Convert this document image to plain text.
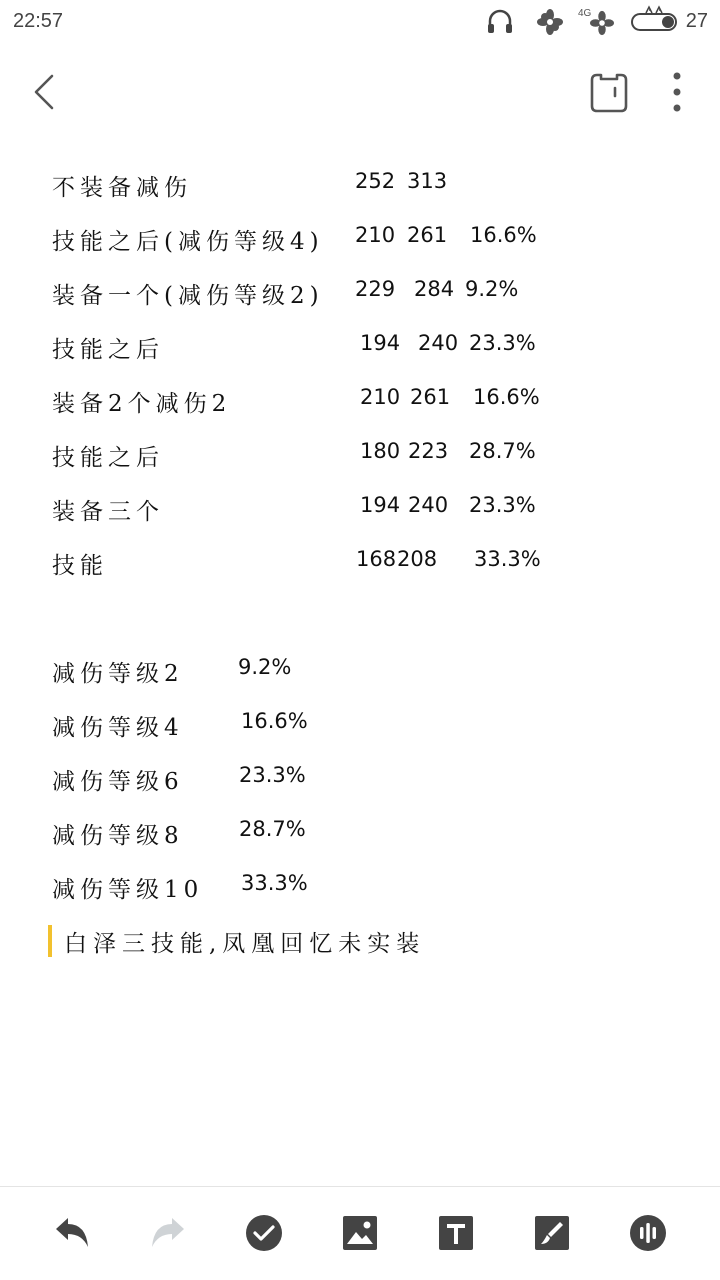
22:57	4G	27
不装备减伤	252 313
技能之后(减伤等级4) 210 261 16.6%
装备一个(减伤等级2) 229 284 9.2%
技能之后	194 240 23.3%
装备2个减伤2	210 261 16.6%
技能之后	180 223 28.7%
装备三个	194 240 23.3%
技能	168 208 33.3%
减伤等级2	9.2%
减伤等级4	16.6%
减伤等级6	23.3%
减伤等级8	28.7%
减伤等级10 33.3%
白泽三技能,凤凰回忆未实装
